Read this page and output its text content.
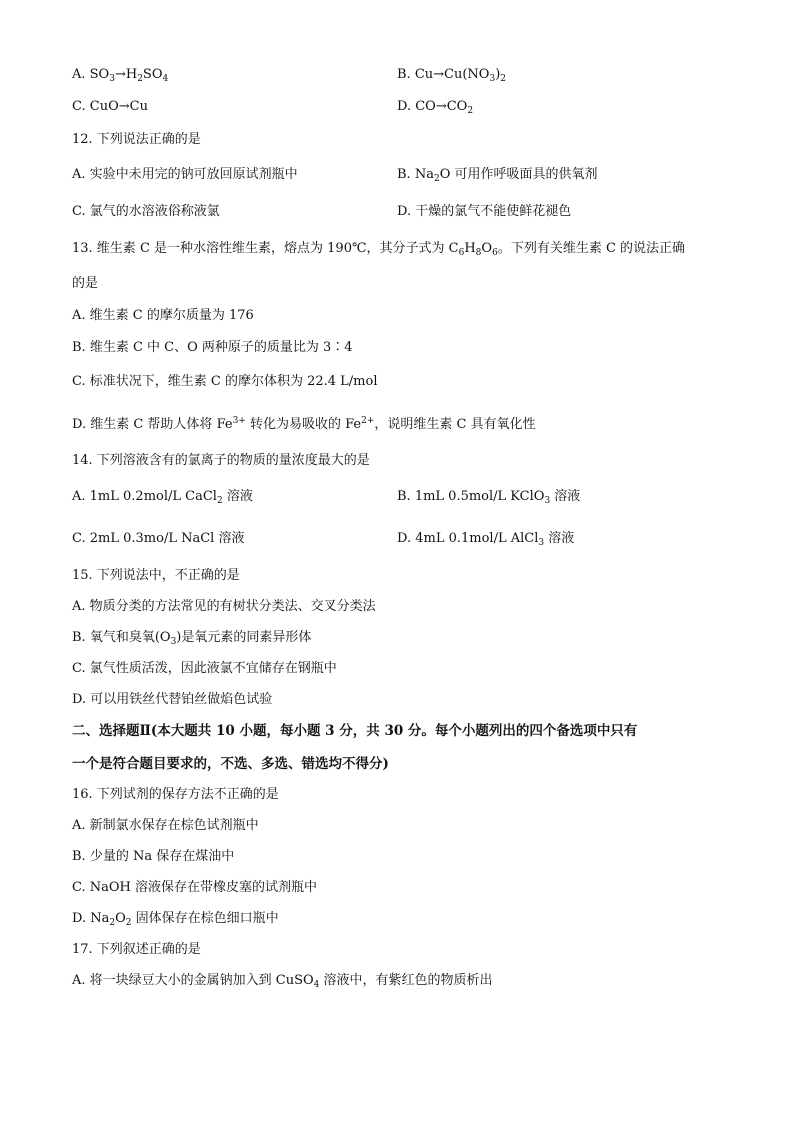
A. $SO_3\to H_2SO_4$	B. $Cu\to Cu(NO_3)_2$
C. CuO→Cu	D. $CO\to CO_2$
12. 下列说法正确的是
A. 实验中未用完的钠可放回原试剂瓶中	B. $Na_2O$ 可用作呼吸面具的供氧剂
C. 氯气的水溶液俗称液氯	D. 干燥的氯气不能使鲜花褪色
13. 维生素 C 是一种水溶性维生素，熔点为 190℃，其分子式为 $C_6H_8O_6$。下列有关维生素 C 的说法正确
的是
A. 维生素 C 的摩尔质量为 176
B. 维生素 C 中 C、O 两种原子的质量比为 3∶4
C. 标准状况下，维生素 C 的摩尔体积为 22.4 L/mol
D. 维生素 C 帮助人体将 $Fe^{3+}$ 转化为易吸收的 $Fe^{2+}$，说明维生素 C 具有氧化性
14. 下列溶液含有的氯离子的物质的量浓度最大的是
A. 1mL 0.2mol/L CaCl$_2$ 溶液	B. 1mL 0.5mol/L KClO$_3$ 溶液
C. 2mL 0.3mo/L NaCl 溶液	D. 4mL 0.1mol/L AlCl$_3$ 溶液
15. 下列说法中，不正确的是
A. 物质分类的方法常见的有树状分类法、交叉分类法
B. 氧气和臭氧$(O_3)$是氧元素的同素异形体
C. 氯气性质活泼，因此液氯不宜储存在钢瓶中
D. 可以用铁丝代替铂丝做焰色试验
二、选择题Ⅱ(本大题共 10 小题，每小题 3 分，共 30 分。每个小题列出的四个备选项中只有
一个是符合题目要求的，不选、多选、错选均不得分)
16. 下列试剂的保存方法不正确的是
A. 新制氯水保存在棕色试剂瓶中
B. 少量的 Na 保存在煤油中
C. NaOH 溶液保存在带橡皮塞的试剂瓶中
D. $Na_2O_2$ 固体保存在棕色细口瓶中
17. 下列叙述正确的是
A. 将一块绿豆大小的金属钠加入到 CuSO$_4$ 溶液中，有紫红色的物质析出
